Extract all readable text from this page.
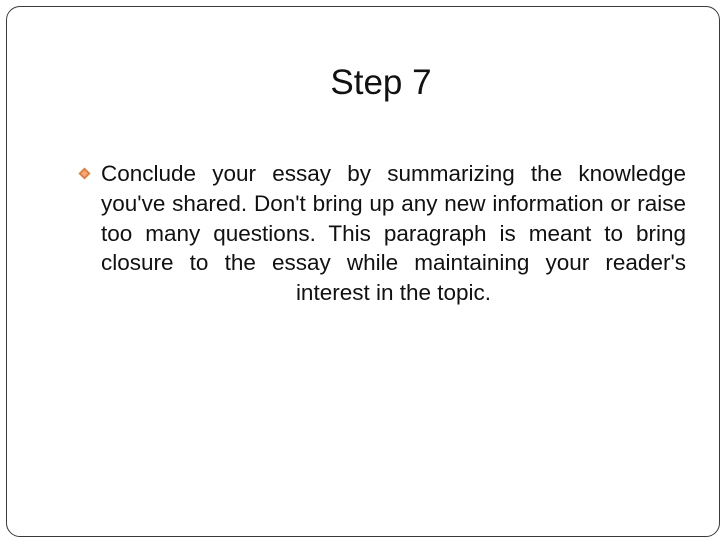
Step 7

Conclude your essay by summarizing the knowledge you've shared. Don't bring up any new information or raise too many questions. This paragraph is meant to bring closure to the essay while maintaining your reader's interest in the topic.
